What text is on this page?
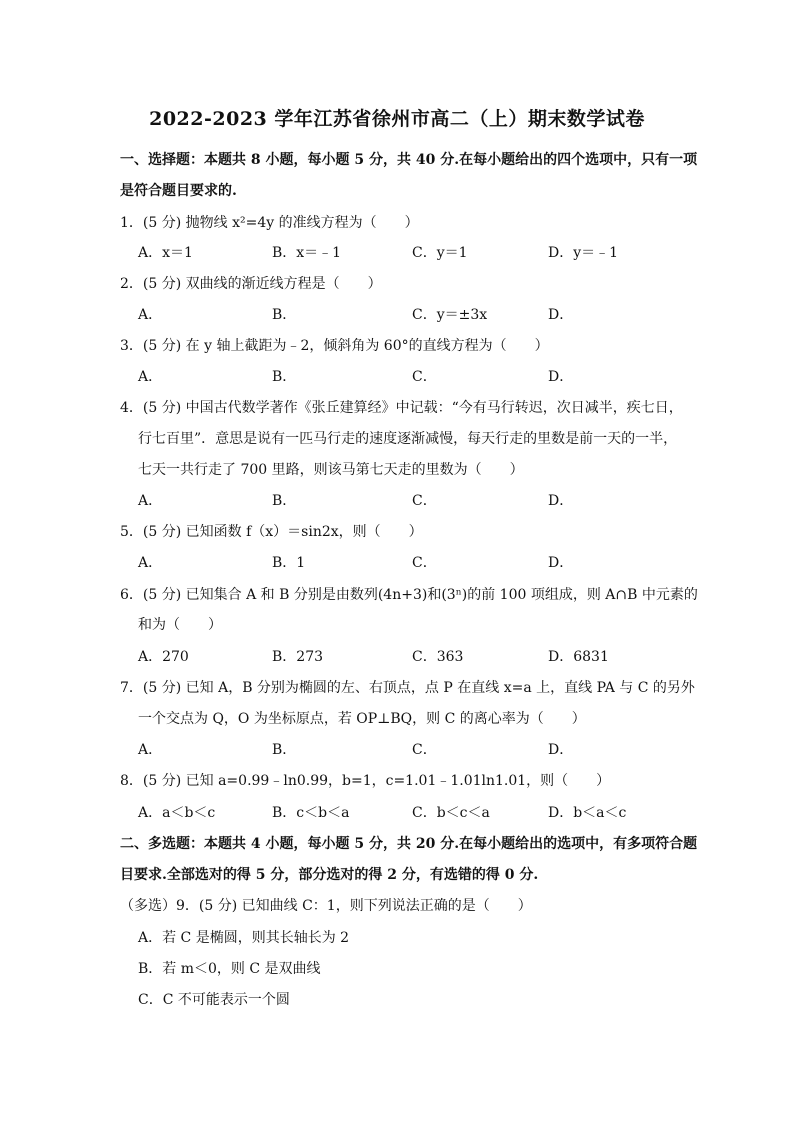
2022-2023 学年江苏省徐州市高二（上）期末数学试卷
一、选择题：本题共 8 小题，每小题 5 分，共 40 分.在每小题给出的四个选项中，只有一项
是符合题目要求的.
1．(5 分) 抛物线 x²=4y 的准线方程为（　　）
A．x＝1	B．x＝﹣1	C．y＝1	D．y＝﹣1
2．(5 分) 双曲线的渐近线方程是（　　）
A．	B．	C．y＝±3x	D．
3．(5 分) 在 y 轴上截距为﹣2，倾斜角为 60°的直线方程为（　　）
A．	B．	C．	D．
4．(5 分) 中国古代数学著作《张丘建算经》中记载：“今有马行转迟，次日减半，疾七日，
行七百里”．意思是说有一匹马行走的速度逐渐减慢，每天行走的里数是前一天的一半，
七天一共行走了 700 里路，则该马第七天走的里数为（　　）
A．	B．	C．	D．
5．(5 分) 已知函数 f（x）＝sin2x，则（　　）
A．	B．1	C．	D．
6．(5 分) 已知集合 A 和 B 分别是由数列(4n+3)和(3ⁿ)的前 100 项组成，则 A∩B 中元素的
和为（　　）
A．270	B．273	C．363	D．6831
7．(5 分) 已知 A，B 分别为椭圆的左、右顶点，点 P 在直线 x=a 上，直线 PA 与 C 的另外
一个交点为 Q，O 为坐标原点，若 OP⊥BQ，则 C 的离心率为（　　）
A．	B．	C．	D．
8．(5 分) 已知 a=0.99﹣ln0.99，b=1，c=1.01﹣1.01ln1.01，则（　　）
A．a＜b＜c	B．c＜b＜a	C．b＜c＜a	D．b＜a＜c
二、多选题：本题共 4 小题，每小题 5 分，共 20 分.在每小题给出的选项中，有多项符合题
目要求.全部选对的得 5 分，部分选对的得 2 分，有选错的得 0 分.
（多选）9．(5 分) 已知曲线 C：1，则下列说法正确的是（　　）
A．若 C 是椭圆，则其长轴长为 2
B．若 m＜0，则 C 是双曲线
C．C 不可能表示一个圆
